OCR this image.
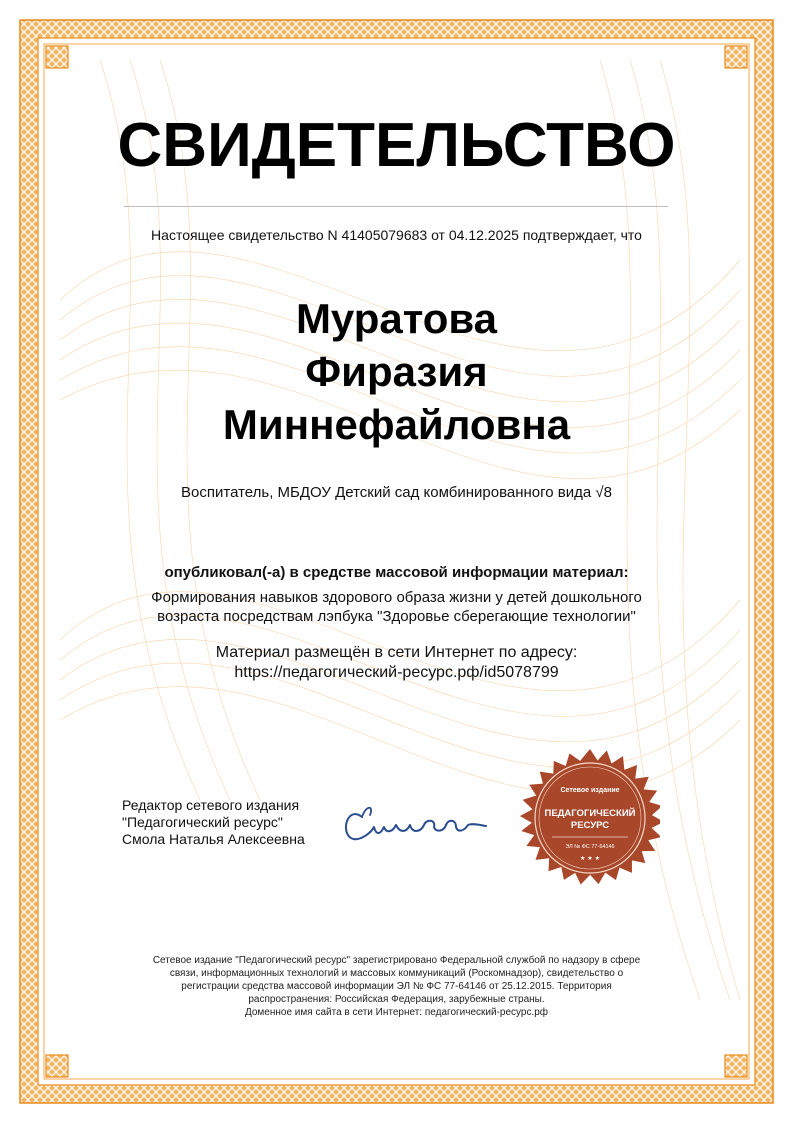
СВИДЕТЕЛЬСТВО
Настоящее свидетельство N 41405079683 от 04.12.2025 подтверждает, что
Муратова
Фиразия
Миннефайловна
Воспитатель, МБДОУ Детский сад комбинированного вида √8
опубликовал(-а) в средстве массовой информации материал:
Формирования навыков здорового образа жизни у детей дошкольного возраста посредствам лэпбука "Здоровье сберегающие технологии"
Материал размещён в сети Интернет по адресу:
https://педагогический-ресурс.рф/id5078799
Редактор сетевого издания
"Педагогический ресурс"
Смола Наталья Алексеевна
Сетевое издание
ПЕДАГОГИЧЕСКИЙ
РЕСУРС
ЭЛ № ФС 77-64146
★ ★ ★
Сетевое издание "Педагогический ресурс" зарегистрировано Федеральной службой по надзору в сфере
связи, информационных технологий и массовых коммуникаций (Роскомнадзор), свидетельство о
регистрации средства массовой информации ЭЛ № ФС 77-64146 от 25.12.2015. Территория
распространения: Российская Федерация, зарубежные страны.
Доменное имя сайта в сети Интернет: педагогический-ресурс.рф
